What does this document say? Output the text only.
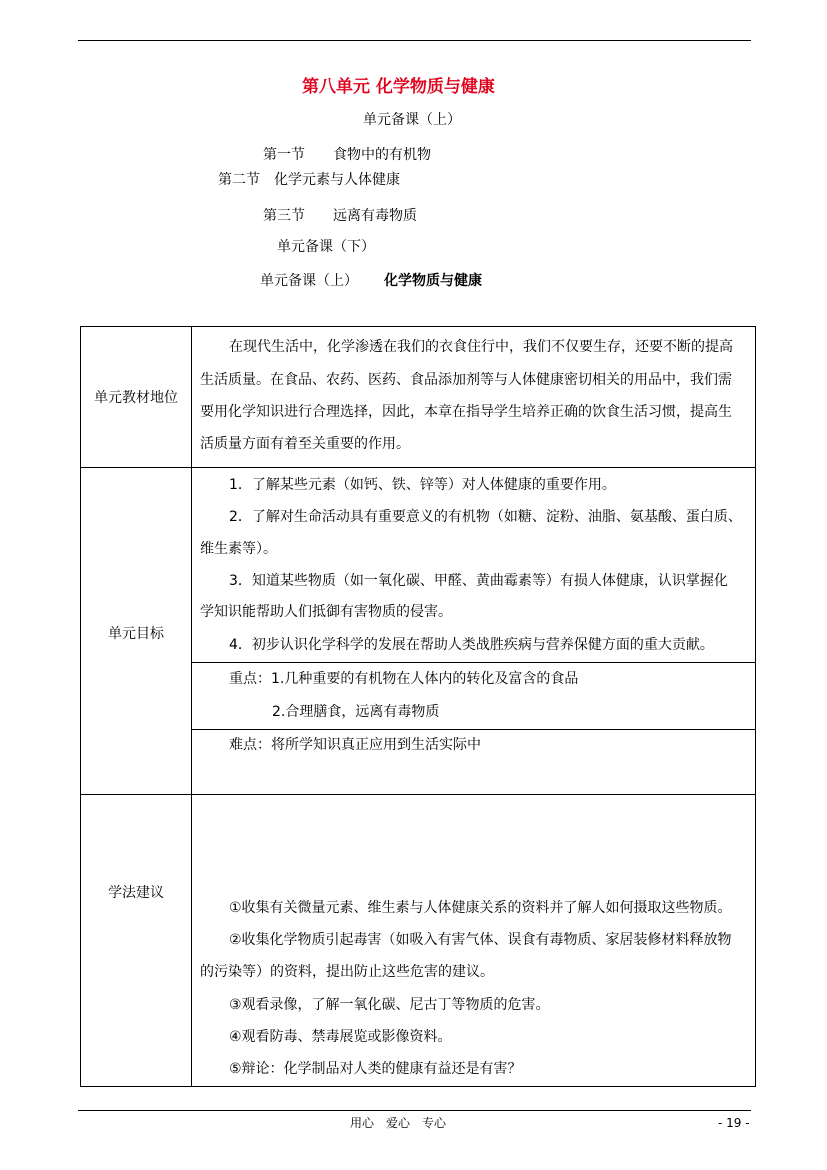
第八单元 化学物质与健康
单元备课（上）
第一节　　食物中的有机物
第二节　化学元素与人体健康
第三节　　远离有毒物质
单元备课（下）
单元备课（上） 化学物质与健康
单元教材地位
在现代生活中，化学渗透在我们的衣食住行中，我们不仅要生存，还要不断的提高
生活质量。在食品、农药、医药、食品添加剂等与人体健康密切相关的用品中，我们需
要用化学知识进行合理选择，因此，本章在指导学生培养正确的饮食生活习惯，提高生
活质量方面有着至关重要的作用。
单元目标
1．了解某些元素（如钙、铁、锌等）对人体健康的重要作用。
2．了解对生命活动具有重要意义的有机物（如糖、淀粉、油脂、氨基酸、蛋白质、
维生素等）。
3．知道某些物质（如一氧化碳、甲醛、黄曲霉素等）有损人体健康，认识掌握化
学知识能帮助人们抵御有害物质的侵害。
4．初步认识化学科学的发展在帮助人类战胜疾病与营养保健方面的重大贡献。
重点：1.几种重要的有机物在人体内的转化及富含的食品
2.合理膳食，远离有毒物质
难点：将所学知识真正应用到生活实际中
学法建议
①收集有关微量元素、维生素与人体健康关系的资料并了解人如何摄取这些物质。
②收集化学物质引起毒害（如吸入有害气体、误食有毒物质、家居装修材料释放物
的污染等）的资料，提出防止这些危害的建议。
③观看录像，了解一氧化碳、尼古丁等物质的危害。
④观看防毒、禁毒展览或影像资料。
⑤辩论：化学制品对人类的健康有益还是有害？
用心　爱心　专心	- 19 -
